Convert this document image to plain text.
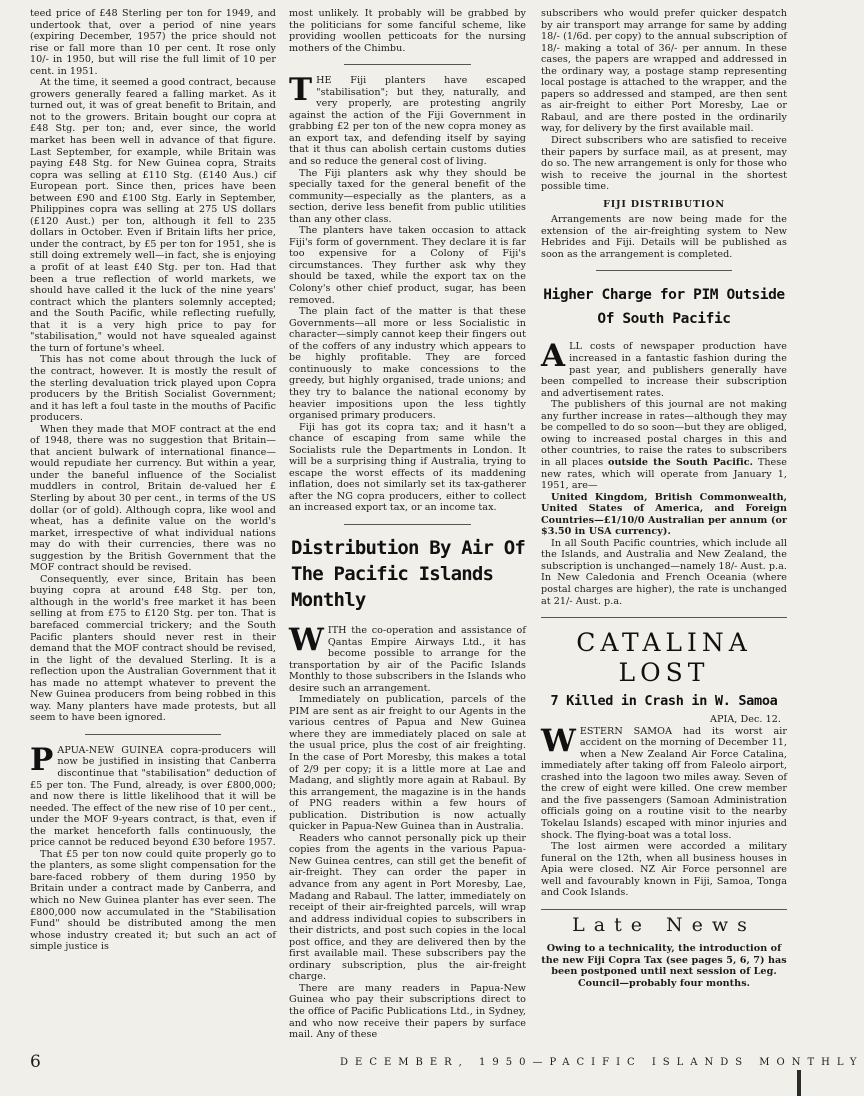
teed price of £48 Sterling per ton for 1949, and undertook that, over a period of nine years (expiring December, 1957) the price should not rise or fall more than 10 per cent. It rose only 10/- in 1950, but will rise the full limit of 10 per cent. in 1951.

At the time, it seemed a good contract, because growers generally feared a falling market. As it turned out, it was of great benefit to Britain, and not to the growers. Britain bought our copra at £48 Stg. per ton; and, ever since, the world market has been well in advance of that figure. Last September, for example, while Britain was paying £48 Stg. for New Guinea copra, Straits copra was selling at £110 Stg. (£140 Aus.) cif European port. Since then, prices have been between £90 and £100 Stg. Early in September, Philippines copra was selling at 275 US dollars (£120 Aust.) per ton, although it fell to 235 dollars in October. Even if Britain lifts her price, under the contract, by £5 per ton for 1951, she is still doing extremely well—in fact, she is enjoying a profit of at least £40 Stg. per ton. Had that been a true reflection of world markets, we should have called it the luck of the nine years' contract which the planters solemnly accepted; and the South Pacific, while reflecting ruefully, that it is a very high price to pay for "stabilisation," would not have squealed against the turn of fortune's wheel.

This has not come about through the luck of the contract, however. It is mostly the result of the sterling devaluation trick played upon Copra producers by the British Socialist Government; and it has left a foul taste in the mouths of Pacific producers.

When they made that MOF contract at the end of 1948, there was no suggestion that Britain—that ancient bulwark of international finance—would repudiate her currency. But within a year, under the baneful influence of the Socialist muddlers in control, Britain de-valued her £ Sterling by about 30 per cent., in terms of the US dollar (or of gold). Although copra, like wool and wheat, has a definite value on the world's market, irrespective of what individual nations may do with their currencies, there was no suggestion by the British Government that the MOF contract should be revised.

Consequently, ever since, Britain has been buying copra at around £48 Stg. per ton, although in the world's free market it has been selling at from £75 to £120 Stg. per ton. That is barefaced commercial trickery; and the South Pacific planters should never rest in their demand that the MOF contract should be revised, in the light of the devalued Sterling. It is a reflection upon the Australian Government that it has made no attempt whatever to prevent the New Guinea producers from being robbed in this way. Many planters have made protests, but all seem to have been ignored.

PAPUA-NEW GUINEA copra-producers will now be justified in insisting that Canberra discontinue that "stabilisation" deduction of £5 per ton. The Fund, already, is over £800,000; and now there is little likelihood that it will be needed. The effect of the new rise of 10 per cent., under the MOF 9-years contract, is that, even if the market henceforth falls continuously, the price cannot be reduced beyond £30 before 1957.

That £5 per ton now could quite properly go to the planters, as some slight compensation for the bare-faced robbery of them during 1950 by Britain under a contract made by Canberra, and which no New Guinea planter has ever seen. The £800,000 now accumulated in the "Stabilisation Fund" should be distributed among the men whose industry created it; but such an act of simple justice is

most unlikely. It probably will be grabbed by the politicians for some fanciful scheme, like providing woollen petticoats for the nursing mothers of the Chimbu.

THE Fiji planters have escaped "stabilisation"; but they, naturally, and very properly, are protesting angrily against the action of the Fiji Government in grabbing £2 per ton of the new copra money as an export tax, and defending itself by saying that it thus can abolish certain customs duties and so reduce the general cost of living.

The Fiji planters ask why they should be specially taxed for the general benefit of the community—especially as the planters, as a section, derive less benefit from public utilities than any other class.

The planters have taken occasion to attack Fiji's form of government. They declare it is far too expensive for a Colony of Fiji's circumstances. They further ask why they should be taxed, while the export tax on the Colony's other chief product, sugar, has been removed.

The plain fact of the matter is that these Governments—all more or less Socialistic in character—simply cannot keep their fingers out of the coffers of any industry which appears to be highly profitable. They are forced continuously to make concessions to the greedy, but highly organised, trade unions; and they try to balance the national economy by heavier impositions upon the less tightly organised primary producers.

Fiji has got its copra tax; and it hasn't a chance of escaping from same while the Socialists rule the Departments in London. It will be a surprising thing if Australia, trying to escape the worst effects of its maddening inflation, does not similarly set its tax-gatherer after the NG copra producers, either to collect an increased export tax, or an income tax.

Distribution By Air Of The Pacific Islands Monthly

WITH the co-operation and assistance of Qantas Empire Airways Ltd., it has become possible to arrange for the transportation by air of the Pacific Islands Monthly to those subscribers in the Islands who desire such an arrangement.

Immediately on publication, parcels of the PIM are sent as air freight to our Agents in the various centres of Papua and New Guinea where they are immediately placed on sale at the usual price, plus the cost of air freighting. In the case of Port Moresby, this makes a total of 2/9 per copy; it is a little more at Lae and Madang, and slightly more again at Rabaul. By this arrangement, the magazine is in the hands of PNG readers within a few hours of publication. Distribution is now actually quicker in Papua-New Guinea than in Australia.

Readers who cannot personally pick up their copies from the agents in the various Papua-New Guinea centres, can still get the benefit of air-freight. They can order the paper in advance from any agent in Port Moresby, Lae, Madang and Rabaul. The latter, immediately on receipt of their air-freighted parcels, will wrap and address individual copies to subscribers in their districts, and post such copies in the local post office, and they are delivered then by the first available mail. These subscribers pay the ordinary subscription, plus the air-freight charge.

There are many readers in Papua-New Guinea who pay their subscriptions direct to the office of Pacific Publications Ltd., in Sydney, and who now receive their papers by surface mail. Any of these

subscribers who would prefer quicker despatch by air transport may arrange for same by adding 18/- (1/6d. per copy) to the annual subscription of 18/- making a total of 36/- per annum. In these cases, the papers are wrapped and addressed in the ordinary way, a postage stamp representing local postage is attached to the wrapper, and the papers so addressed and stamped, are then sent as air-freight to either Port Moresby, Lae or Rabaul, and are there posted in the ordinarily way, for delivery by the first available mail.

Direct subscribers who are satisfied to receive their papers by surface mail, as at present, may do so. The new arrangement is only for those who wish to receive the journal in the shortest possible time.

FIJI DISTRIBUTION

Arrangements are now being made for the extension of the air-freighting system to New Hebrides and Fiji. Details will be published as soon as the arrangement is completed.

Higher Charge for PIM Outside Of South Pacific

ALL costs of newspaper production have increased in a fantastic fashion during the past year, and publishers generally have been compelled to increase their subscription and advertisement rates.

The publishers of this journal are not making any further increase in rates—although they may be compelled to do so soon—but they are obliged, owing to increased postal charges in this and other countries, to raise the rates to subscribers in all places outside the South Pacific. These new rates, which will operate from January 1, 1951, are—

United Kingdom, British Commonwealth, United States of America, and Foreign Countries—£1/10/0 Australian per annum (or $3.50 in USA currency).

In all South Pacific countries, which include all the Islands, and Australia and New Zealand, the subscription is unchanged—namely 18/- Aust. p.a. In New Caledonia and French Oceania (where postal charges are higher), the rate is unchanged at 21/- Aust. p.a.

CATALINA LOST
7 Killed in Crash in W. Samoa
APIA, Dec. 12.

WESTERN SAMOA had its worst air accident on the morning of December 11, when a New Zealand Air Force Catalina, immediately after taking off from Faleolo airport, crashed into the lagoon two miles away. Seven of the crew of eight were killed. One crew member and the five passengers (Samoan Administration officials going on a routine visit to the nearby Tokelau Islands) escaped with minor injuries and shock. The flying-boat was a total loss.

The lost airmen were accorded a military funeral on the 12th, when all business houses in Apia were closed. NZ Air Force personnel are well and favourably known in Fiji, Samoa, Tonga and Cook Islands.

Late News

Owing to a technicality, the introduction of the new Fiji Copra Tax (see pages 5, 6, 7) has been postponed until next session of Leg. Council—probably four months.

6	DECEMBER, 1950—PACIFIC ISLANDS MONTHLY
